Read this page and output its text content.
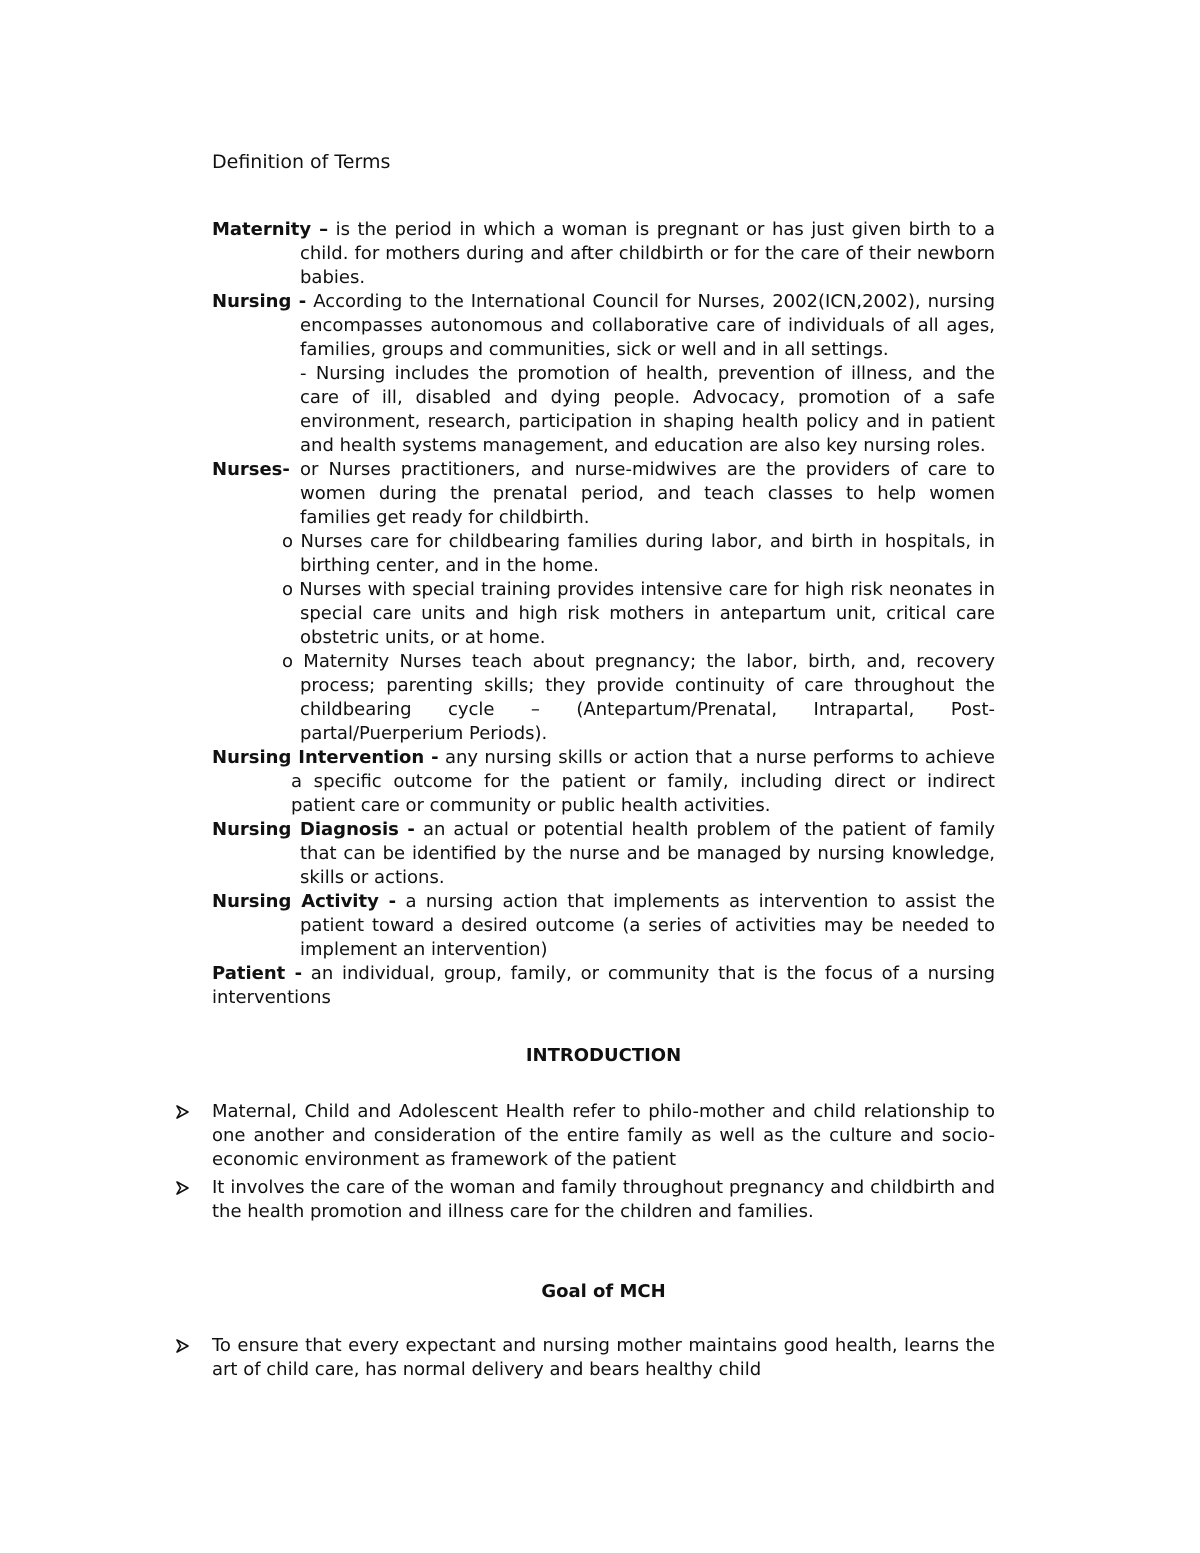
Definition of Terms

Maternity – is the period in which a woman is pregnant or has just given birth to a child. for mothers during and after childbirth or for the care of their newborn babies.

Nursing - According to the International Council for Nurses, 2002(ICN,2002), nursing encompasses autonomous and collaborative care of individuals of all ages, families, groups and communities, sick or well and in all settings.

- Nursing includes the promotion of health, prevention of illness, and the care of ill, disabled and dying people. Advocacy, promotion of a safe environment, research, participation in shaping health policy and in patient and health systems management, and education are also key nursing roles.

Nurses- or Nurses practitioners, and nurse-midwives are the providers of care to women during the prenatal period, and teach classes to help women families get ready for childbirth.

o Nurses care for childbearing families during labor, and birth in hospitals, in birthing center, and in the home.
o Nurses with special training provides intensive care for high risk neonates in special care units and high risk mothers in antepartum unit, critical care obstetric units, or at home.
o Maternity Nurses teach about pregnancy; the labor, birth, and, recovery process; parenting skills; they provide continuity of care throughout the childbearing cycle – (Antepartum/Prenatal, Intrapartal, Post-partal/Puerperium Periods).

Nursing Intervention - any nursing skills or action that a nurse performs to achieve a specific outcome for the patient or family, including direct or indirect patient care or community or public health activities.

Nursing Diagnosis - an actual or potential health problem of the patient of family that can be identified by the nurse and be managed by nursing knowledge, skills or actions.

Nursing Activity - a nursing action that implements as intervention to assist the patient toward a desired outcome (a series of activities may be needed to implement an intervention)

Patient - an individual, group, family, or community that is the focus of a nursing interventions

INTRODUCTION
Maternal, Child and Adolescent Health refer to philo-mother and child relationship to one another and consideration of the entire family as well as the culture and socio-economic environment as framework of the patient
It involves the care of the woman and family throughout pregnancy and childbirth and the health promotion and illness care for the children and families.
Goal of MCH
To ensure that every expectant and nursing mother maintains good health, learns the art of child care, has normal delivery and bears healthy child
